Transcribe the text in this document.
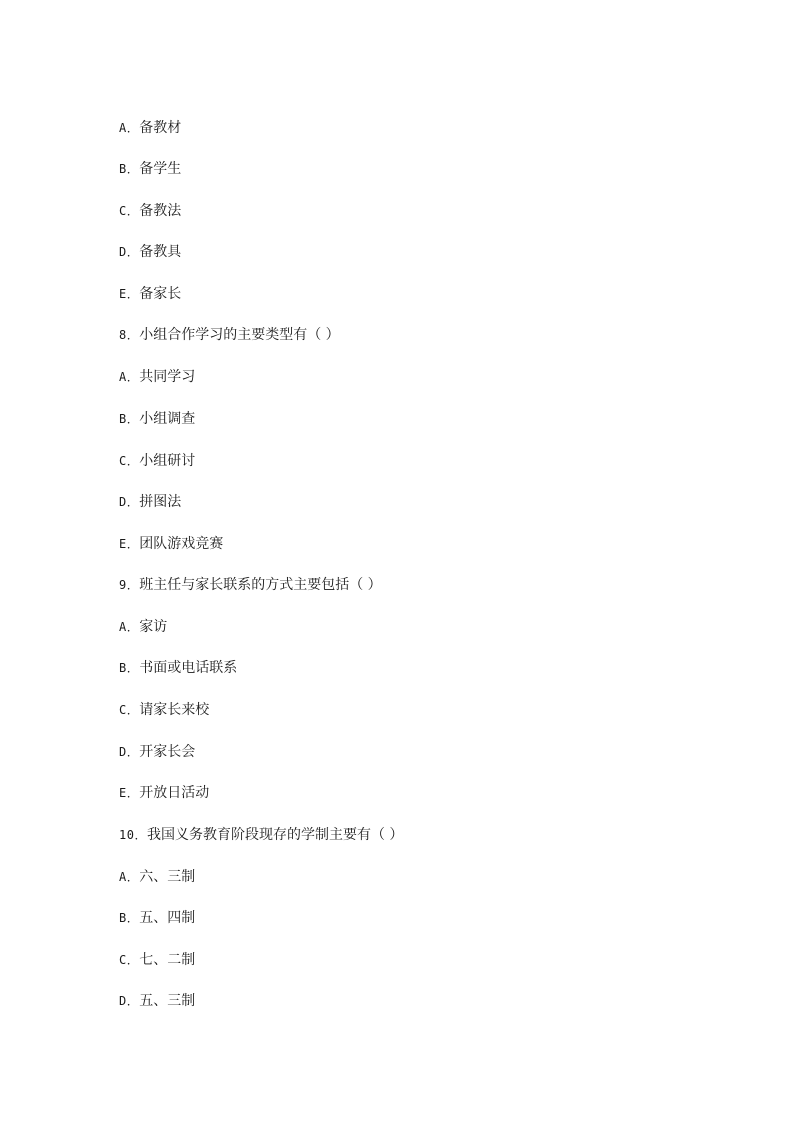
A．备教材
B．备学生
C．备教法
D．备教具
E．备家长
8．小组合作学习的主要类型有（ ）
A．共同学习
B．小组调查
C．小组研讨
D．拼图法
E．团队游戏竞赛
9．班主任与家长联系的方式主要包括（ ）
A．家访
B．书面或电话联系
C．请家长来校
D．开家长会
E．开放日活动
10．我国义务教育阶段现存的学制主要有（ ）
A．六、三制
B．五、四制
C．七、二制
D．五、三制
